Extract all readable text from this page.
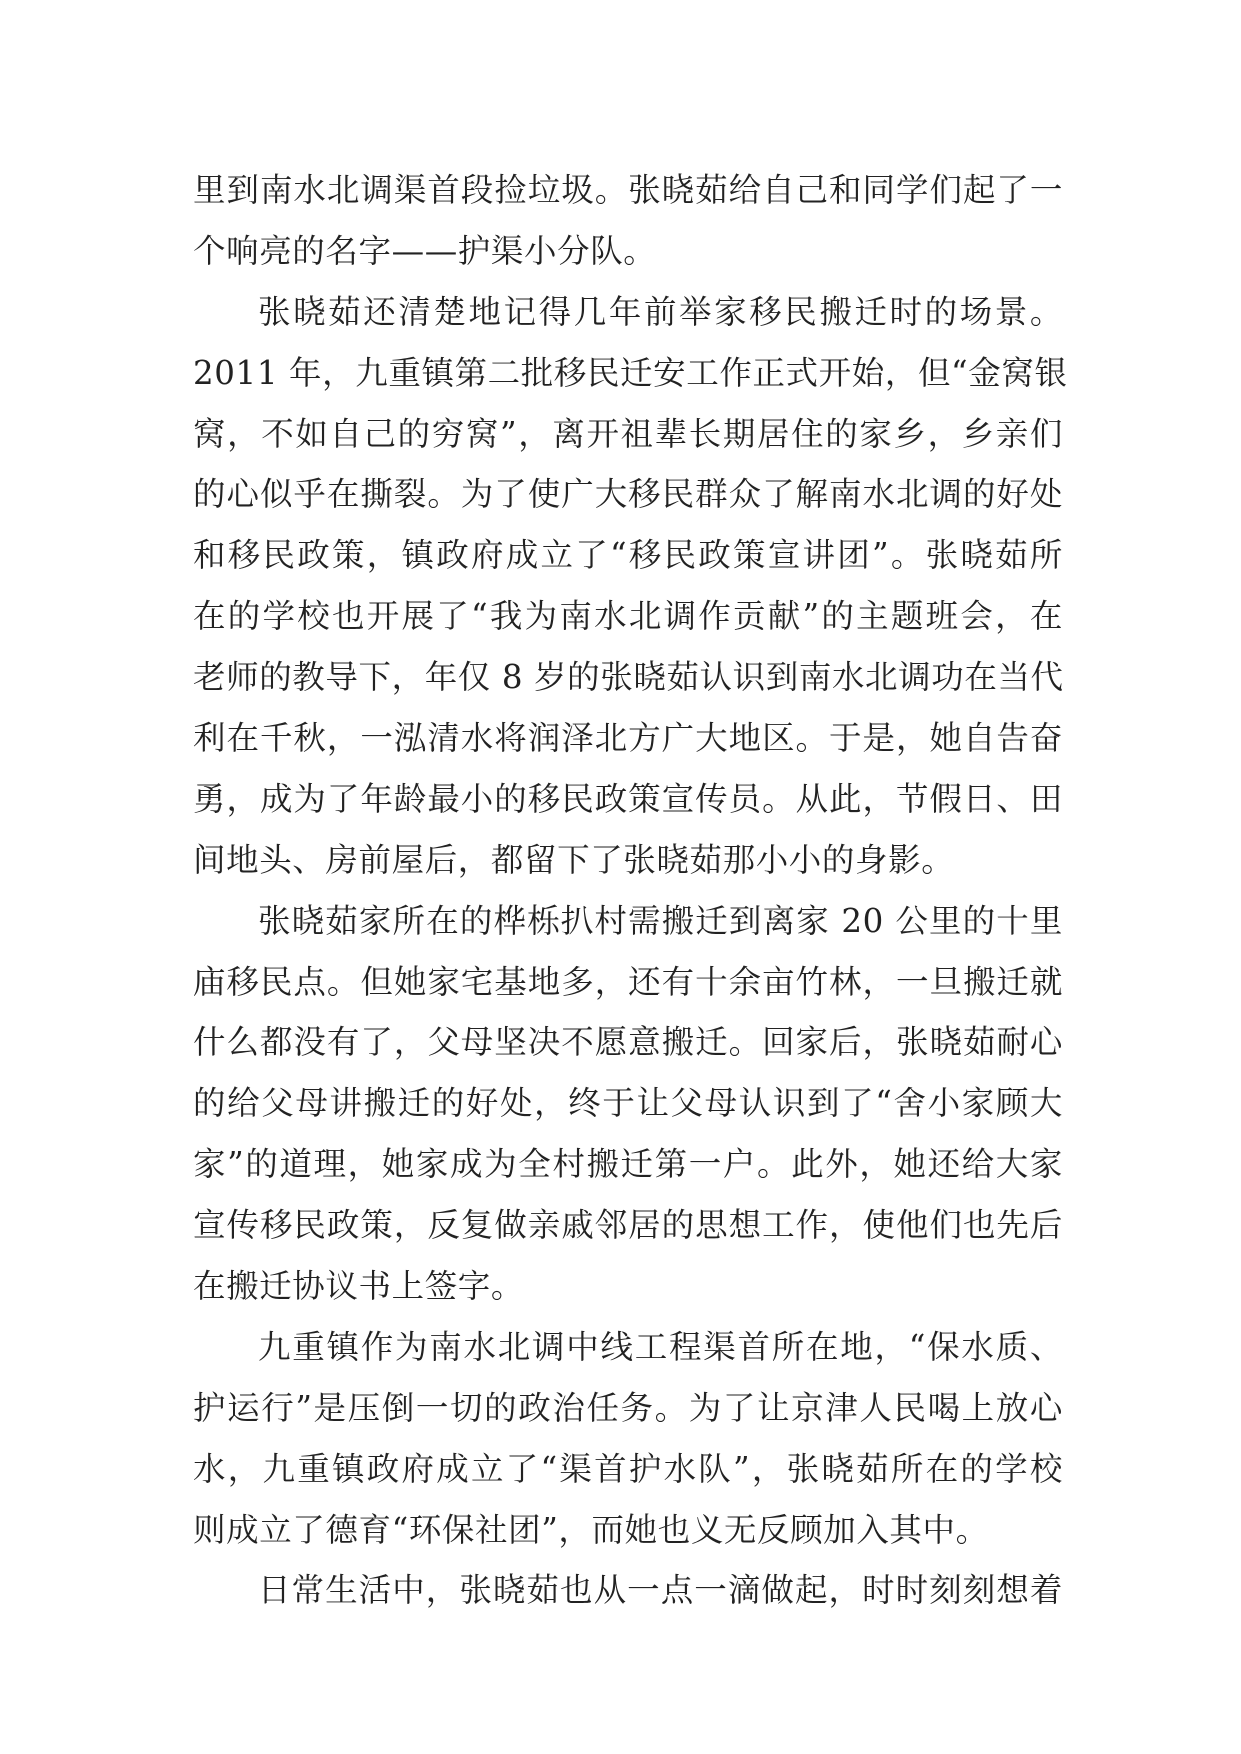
里到南水北调渠首段捡垃圾。张晓茹给自己和同学们起了一
个响亮的名字——护渠小分队。
张晓茹还清楚地记得几年前举家移民搬迁时的场景。
2011 年，九重镇第二批移民迁安工作正式开始，但“金窝银
窝，不如自己的穷窝”，离开祖辈长期居住的家乡，乡亲们
的心似乎在撕裂。为了使广大移民群众了解南水北调的好处
和移民政策，镇政府成立了“移民政策宣讲团”。张晓茹所
在的学校也开展了“我为南水北调作贡献”的主题班会，在
老师的教导下，年仅 8 岁的张晓茹认识到南水北调功在当代
利在千秋，一泓清水将润泽北方广大地区。于是，她自告奋
勇，成为了年龄最小的移民政策宣传员。从此，节假日、田
间地头、房前屋后，都留下了张晓茹那小小的身影。
张晓茹家所在的桦栎扒村需搬迁到离家 20 公里的十里
庙移民点。但她家宅基地多，还有十余亩竹林，一旦搬迁就
什么都没有了，父母坚决不愿意搬迁。回家后，张晓茹耐心
的给父母讲搬迁的好处，终于让父母认识到了“舍小家顾大
家”的道理，她家成为全村搬迁第一户。此外，她还给大家
宣传移民政策，反复做亲戚邻居的思想工作，使他们也先后
在搬迁协议书上签字。
九重镇作为南水北调中线工程渠首所在地，“保水质、
护运行”是压倒一切的政治任务。为了让京津人民喝上放心
水，九重镇政府成立了“渠首护水队”，张晓茹所在的学校
则成立了德育“环保社团”，而她也义无反顾加入其中。
日常生活中，张晓茹也从一点一滴做起，时时刻刻想着
